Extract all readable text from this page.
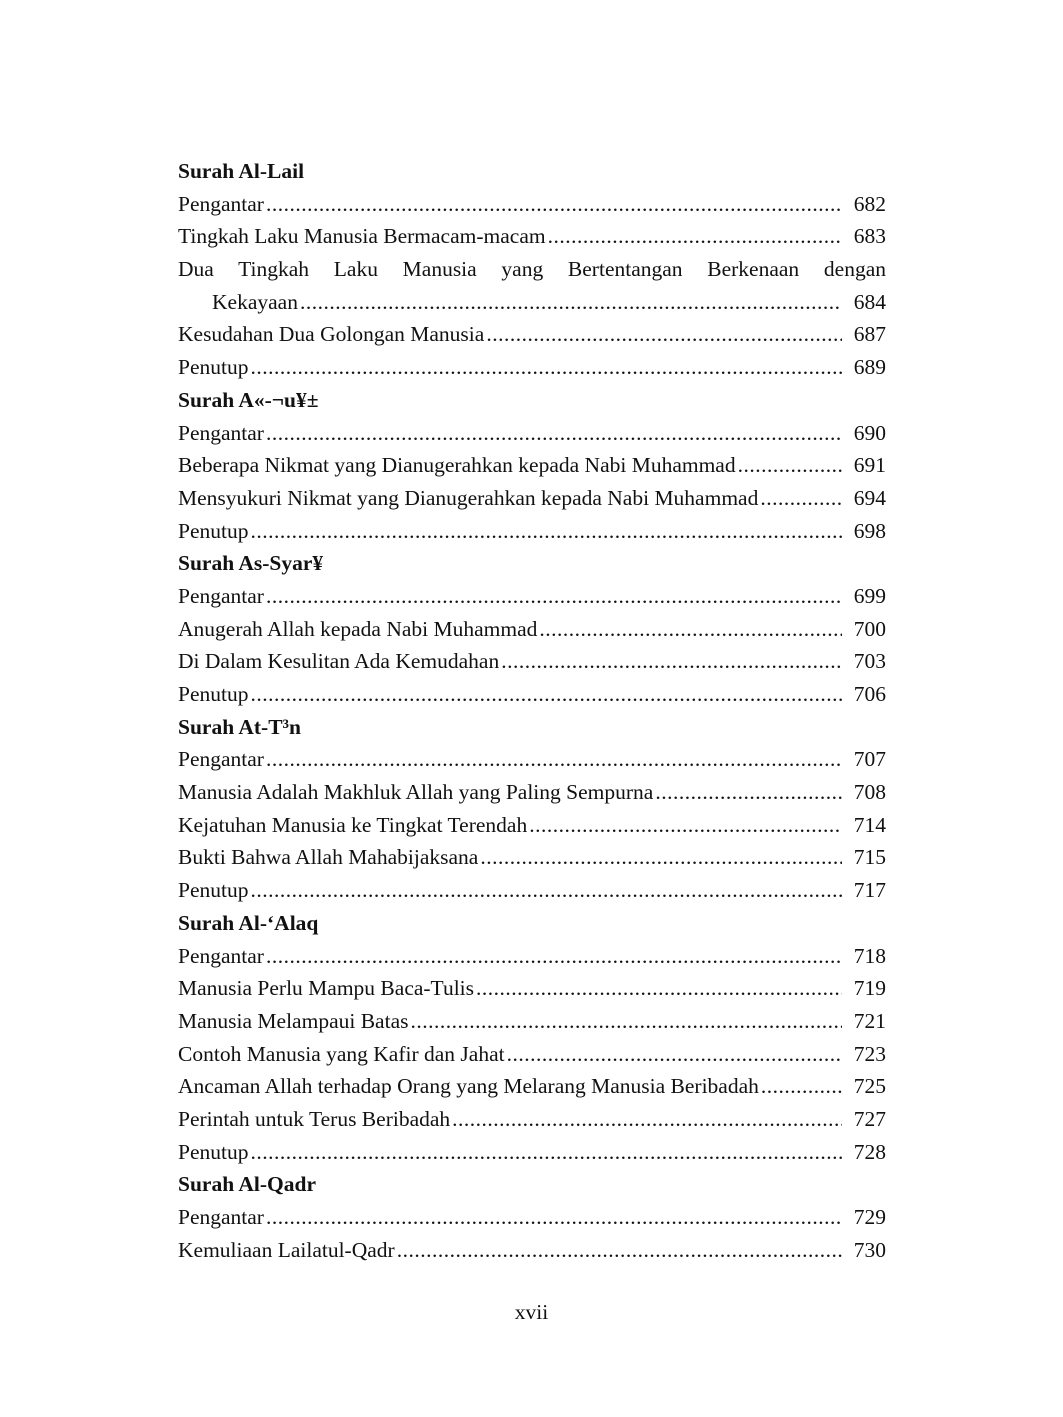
Surah Al-Lail
Pengantar .....	682
Tingkah Laku Manusia Bermacam-macam .....	683
Dua Tingkah Laku Manusia yang Bertentangan Berkenaan dengan
Kekayaan .....	684
Kesudahan Dua Golongan Manusia .....	687
Penutup .....	689
Surah A«-¬u¥±
Pengantar .....	690
Beberapa Nikmat yang Dianugerahkan kepada Nabi Muhammad .....	691
Mensyukuri Nikmat yang Dianugerahkan kepada Nabi Muhammad .....	694
Penutup .....	698
Surah As-Syar¥
Pengantar .....	699
Anugerah Allah kepada Nabi Muhammad .....	700
Di Dalam Kesulitan Ada Kemudahan .....	703
Penutup .....	706
Surah At-T³n
Pengantar .....	707
Manusia Adalah Makhluk Allah yang Paling Sempurna .....	708
Kejatuhan Manusia ke Tingkat Terendah .....	714
Bukti Bahwa Allah Mahabijaksana .....	715
Penutup .....	717
Surah Al-‘Alaq
Pengantar .....	718
Manusia Perlu Mampu Baca-Tulis .....	719
Manusia Melampaui Batas .....	721
Contoh Manusia yang Kafir dan Jahat .....	723
Ancaman Allah terhadap Orang yang Melarang Manusia Beribadah .....	725
Perintah untuk Terus Beribadah .....	727
Penutup .....	728
Surah Al-Qadr
Pengantar .....	729
Kemuliaan Lailatul-Qadr .....	730
xvii
